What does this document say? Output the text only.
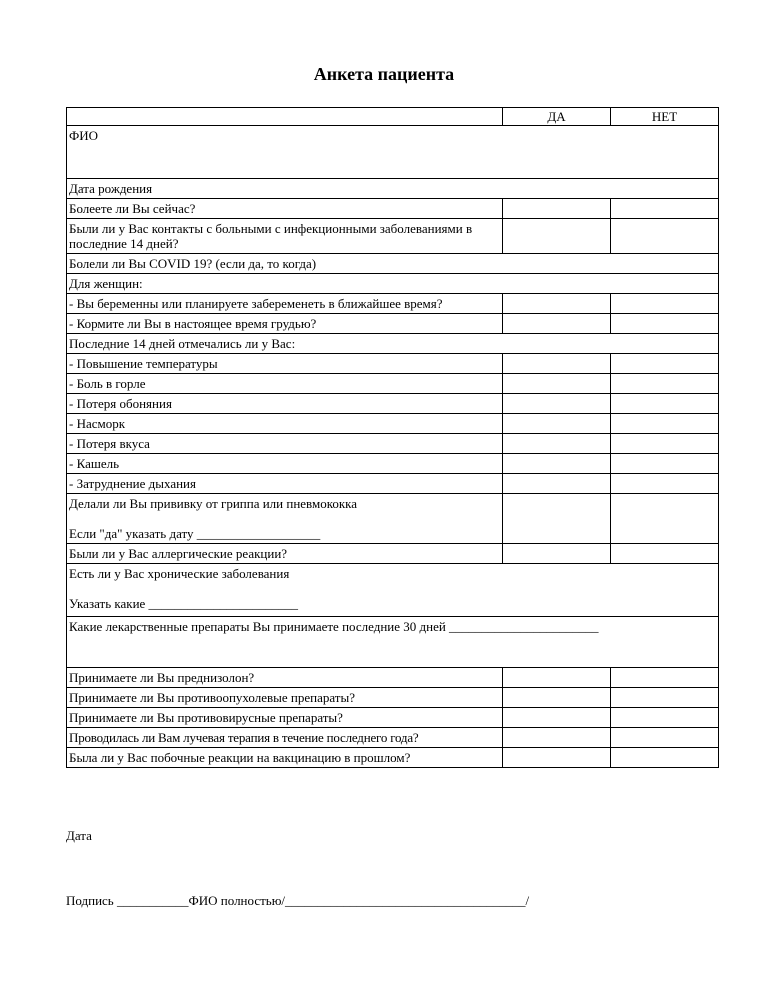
Анкета пациента
	ДА	НЕТ
ФИО		
Дата рождения		
Болеете ли Вы сейчас?		
Были ли у Вас контакты с больными с инфекционными заболеваниями в последние 14 дней?		
Болели ли Вы COVID 19? (если да, то когда)		
Для женщин:		
- Вы беременны или планируете забеременеть в ближайшее время?		
- Кормите ли Вы в настоящее время грудью?		
Последние 14 дней отмечались ли у Вас:		
- Повышение температуры		
- Боль в горле		
- Потеря обоняния		
- Насморк		
- Потеря вкуса		
- Кашель		
- Затруднение дыхания		
Делали ли Вы прививку от гриппа или пневмококка
Если "да" указать дату ___________________		

Были ли у Вас аллергические реакции?		
Есть ли у Вас хронические заболевания
Указать какие _______________________		

Какие лекарственные препараты Вы принимаете последние 30 дней _______________________		
Принимаете ли Вы преднизолон?		
Принимаете ли Вы противоопухолевые препараты?		
Принимаете ли Вы противовирусные препараты?		
Проводилась ли Вам лучевая терапия в течение последнего года?		
Была ли у Вас побочные реакции на вакцинацию в прошлом?		
Дата
Подпись ___________ФИО полностью/_____________________________________/
